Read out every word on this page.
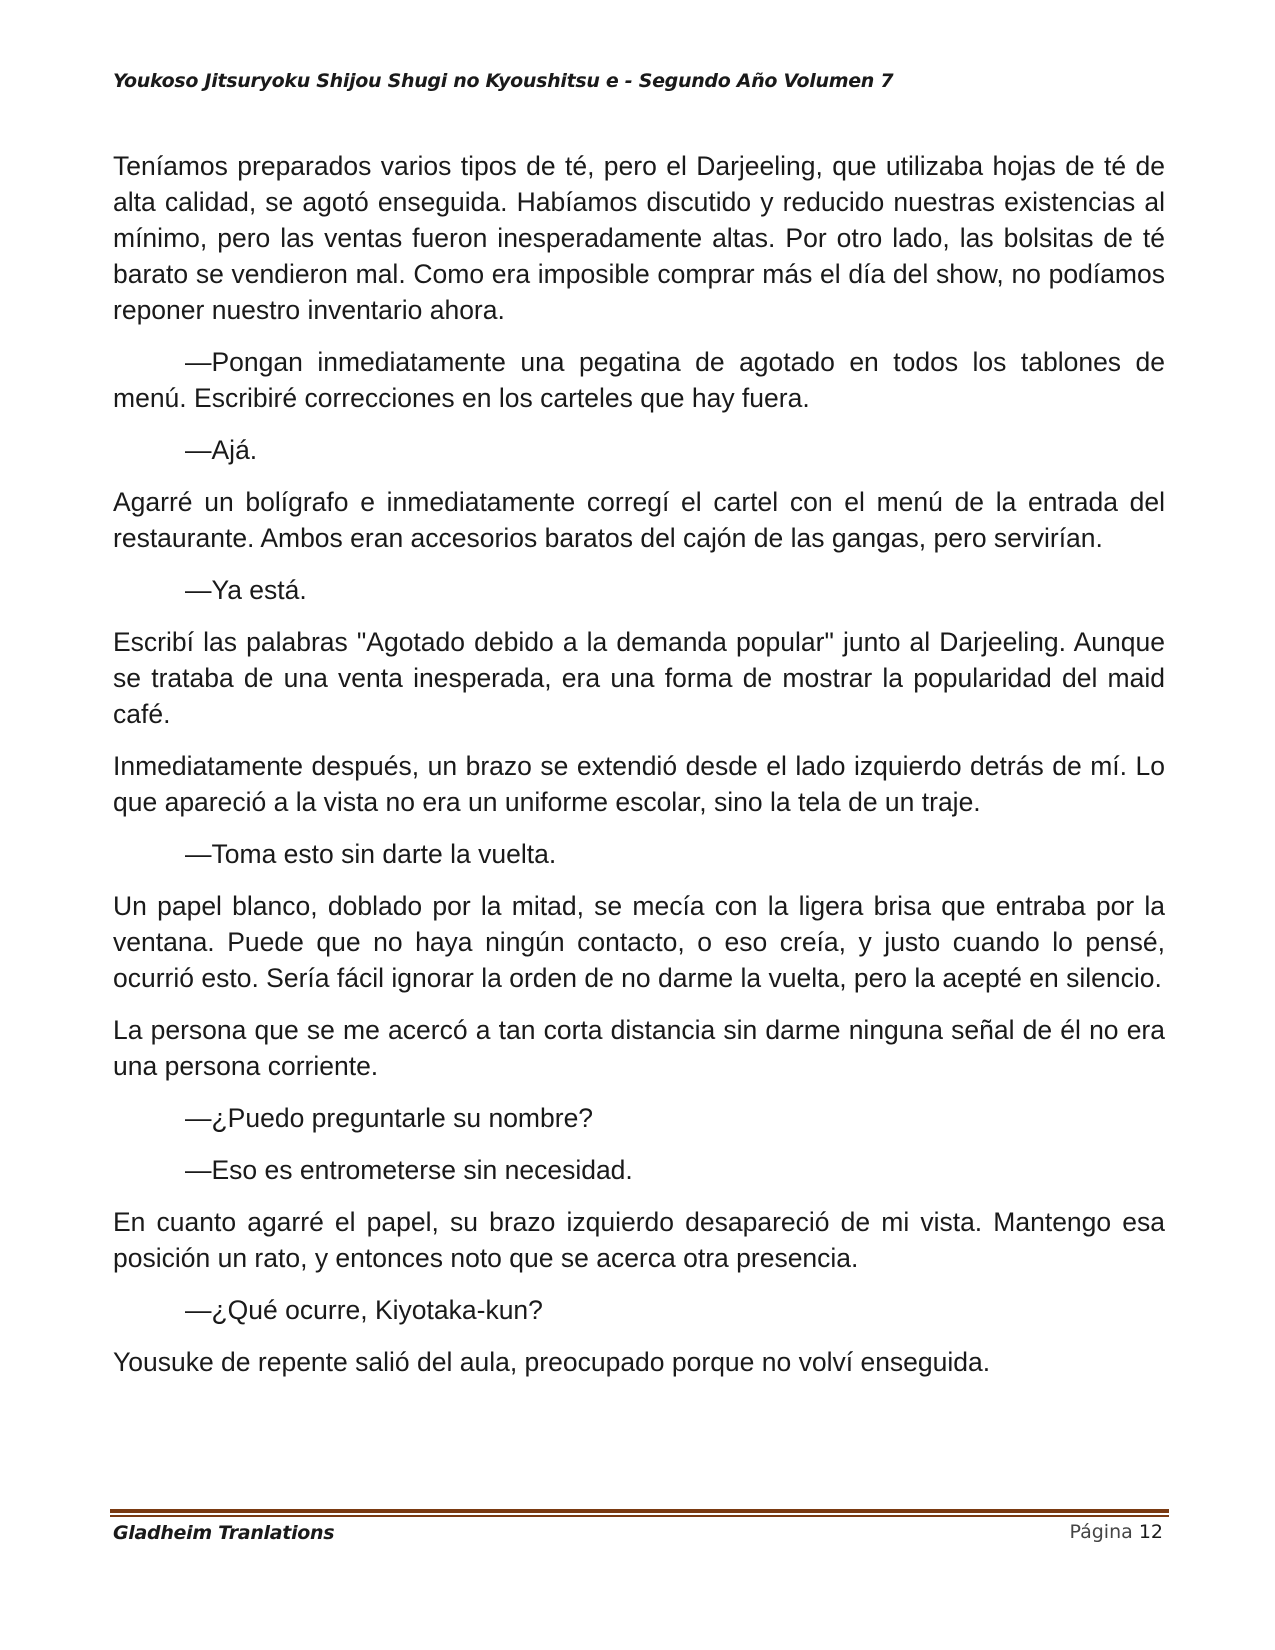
Youkoso Jitsuryoku Shijou Shugi no Kyoushitsu e - Segundo Año Volumen 7

Teníamos preparados varios tipos de té, pero el Darjeeling, que utilizaba hojas de té de alta calidad, se agotó enseguida. Habíamos discutido y reducido nuestras existencias al mínimo, pero las ventas fueron inesperadamente altas. Por otro lado, las bolsitas de té barato se vendieron mal. Como era imposible comprar más el día del show, no podíamos reponer nuestro inventario ahora.

—Pongan inmediatamente una pegatina de agotado en todos los tablones de menú. Escribiré correcciones en los carteles que hay fuera.

—Ajá.

Agarré un bolígrafo e inmediatamente corregí el cartel con el menú de la entrada del restaurante. Ambos eran accesorios baratos del cajón de las gangas, pero servirían.

—Ya está.

Escribí las palabras "Agotado debido a la demanda popular" junto al Darjeeling. Aunque se trataba de una venta inesperada, era una forma de mostrar la popularidad del maid café.

Inmediatamente después, un brazo se extendió desde el lado izquierdo detrás de mí. Lo que apareció a la vista no era un uniforme escolar, sino la tela de un traje.

—Toma esto sin darte la vuelta.

Un papel blanco, doblado por la mitad, se mecía con la ligera brisa que entraba por la ventana. Puede que no haya ningún contacto, o eso creía, y justo cuando lo pensé, ocurrió esto. Sería fácil ignorar la orden de no darme la vuelta, pero la acepté en silencio.

La persona que se me acercó a tan corta distancia sin darme ninguna señal de él no era una persona corriente.

—¿Puedo preguntarle su nombre?

—Eso es entrometerse sin necesidad.

En cuanto agarré el papel, su brazo izquierdo desapareció de mi vista. Mantengo esa posición un rato, y entonces noto que se acerca otra presencia.

—¿Qué ocurre, Kiyotaka-kun?

Yousuke de repente salió del aula, preocupado porque no volví enseguida.

Gladheim Tranlations	Página 12
